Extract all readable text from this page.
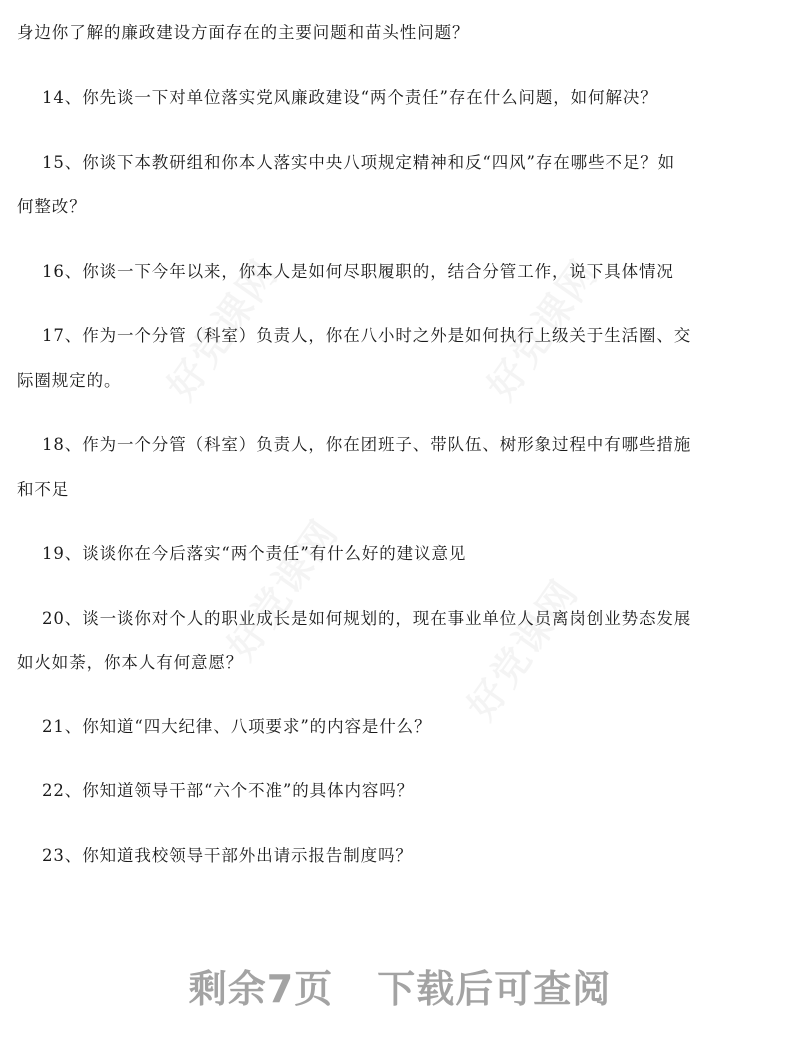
身边你了解的廉政建设方面存在的主要问题和苗头性问题？
14、你先谈一下对单位落实党风廉政建设“两个责任”存在什么问题，如何解决？
15、你谈下本教研组和你本人落实中央八项规定精神和反“四风”存在哪些不足？如
何整改？
16、你谈一下今年以来，你本人是如何尽职履职的，结合分管工作，说下具体情况
17、作为一个分管（科室）负责人，你在八小时之外是如何执行上级关于生活圈、交
际圈规定的。
18、作为一个分管（科室）负责人，你在团班子、带队伍、树形象过程中有哪些措施
和不足
19、谈谈你在今后落实“两个责任”有什么好的建议意见
20、谈一谈你对个人的职业成长是如何规划的，现在事业单位人员离岗创业势态发展
如火如荼，你本人有何意愿？
21、你知道“四大纪律、八项要求”的内容是什么？
22、你知道领导干部“六个不准”的具体内容吗？
23、你知道我校领导干部外出请示报告制度吗？
剩余7页 下载后可查阅
